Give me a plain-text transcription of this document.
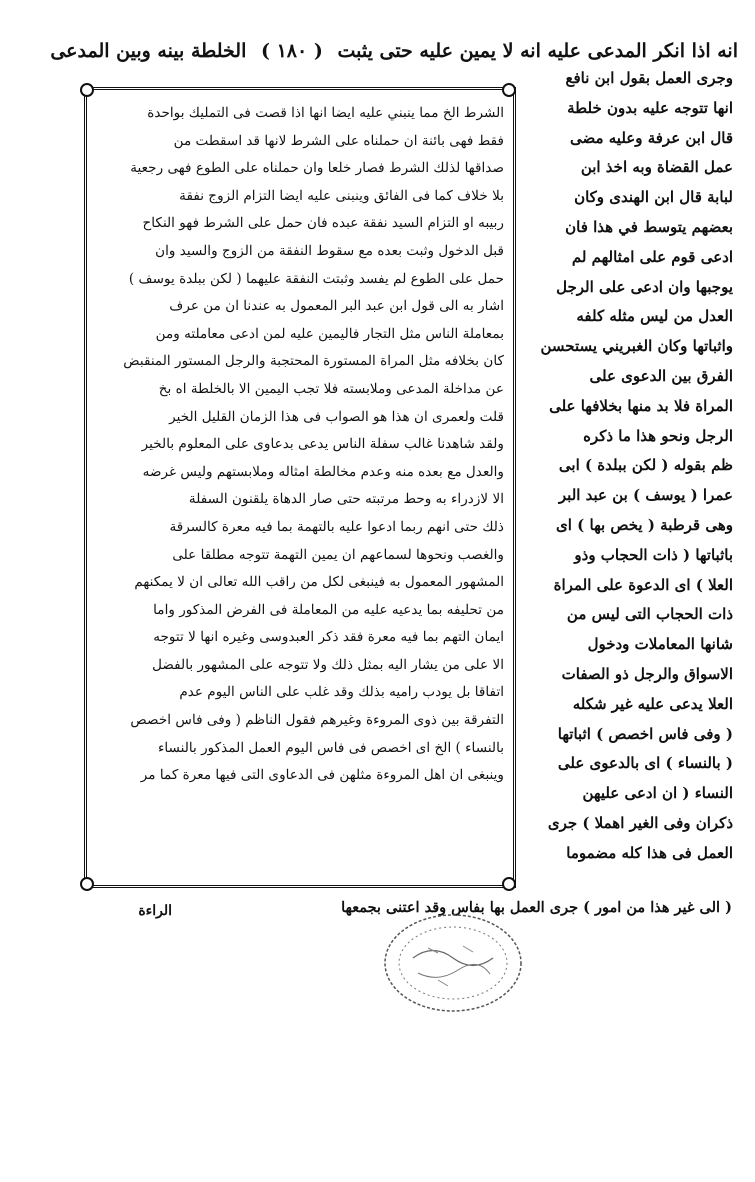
انه اذا انكر المدعى عليه انه لا يمين عليه حتى يثبت ( ١٨٠ ) الخلطة بينه وبين المدعى
وجرى العمل بقول ابن نافع
انها تتوجه عليه بدون خلطة
قال ابن عرفة وعليه مضى
عمل القضاة وبه اخذ ابن
لبابة قال ابن الهندى وكان
بعضهم يتوسط في هذا فان
ادعى قوم على امثالهم لم
يوجبها وان ادعى على الرجل
العدل من ليس مثله كلفه
واثباتها وكان الغبريني يستحسن
الفرق بين الدعوى على
المراة فلا بد منها بخلافها على
الرجل ونحو هذا ما ذكره
ظم بقوله ( لكن ببلدة ) ابى
عمرا ( يوسف ) بن عبد البر
وهى قرطبة ( يخص بها ) اى
باثباتها ( ذات الحجاب وذو
العلا ) اى الدعوة على المراة
ذات الحجاب التى ليس من
شانها المعاملات ودخول
الاسواق والرجل ذو الصفات
العلا يدعى عليه غير شكله
( وفى فاس اخصص ) اثباتها
( بالنساء ) اى بالدعوى على
النساء ( ان ادعى عليهن
ذكران وفى الغير اهملا ) جرى
العمل فى هذا كله مضموما
الشرط الخ مما ينبني عليه ايضا انها اذا قصت فى التمليك بواحدة
فقط فهى بائنة ان حملناه على الشرط لانها قد اسقطت من
صداقها لذلك الشرط فصار خلعا وان حملناه على الطوع فهى رجعية
بلا خلاف كما فى الفائق وينبنى عليه ايضا التزام الزوج نفقة
ربيبه او التزام السيد نفقة عبده فان حمل على الشرط فهو النكاح
قبل الدخول وثبت بعده مع سقوط النفقة من الزوج والسيد وان
حمل على الطوع لم يفسد وثبتت النفقة عليهما ( لكن ببلدة يوسف )
اشار به الى قول ابن عبد البر المعمول به عندنا ان من عرف
بمعاملة الناس مثل التجار فاليمين عليه لمن ادعى معاملته ومن
كان بخلافه مثل المراة المستورة المحتجبة والرجل المستور المنقبض
عن مداخلة المدعى وملابسته فلا تجب اليمين الا بالخلطة اه بخ
قلت ولعمرى ان هذا هو الصواب فى هذا الزمان القليل الخير
ولقد شاهدنا غالب سفلة الناس يدعى بدعاوى على المعلوم بالخير
والعدل مع بعده منه وعدم مخالطة امثاله وملابستهم وليس غرضه
الا لازدراء به وحط مرتبته حتى صار الدهاة يلقنون السفلة
ذلك حتى انهم ربما ادعوا عليه بالتهمة بما فيه معرة كالسرقة
والغصب ونحوها لسماعهم ان يمين التهمة تتوجه مطلقا على
المشهور المعمول به فينبغى لكل من راقب الله تعالى ان لا يمكنهم
من تحليفه بما يدعيه عليه من المعاملة فى الفرض المذكور واما
ايمان التهم بما فيه معرة فقد ذكر العبدوسى وغيره انها لا تتوجه
الا على من يشار اليه بمثل ذلك ولا تتوجه على المشهور بالفضل
اتفاقا بل يودب راميه بذلك وقد غلب على الناس اليوم عدم
التفرقة بين ذوى المروءة وغيرهم فقول الناظم ( وفى فاس اخصص
بالنساء ) الخ اى اخصص فى فاس اليوم العمل المذكور بالنساء
وينبغى ان اهل المروءة مثلهن فى الدعاوى التى فيها معرة كما مر
( الى غير هذا من امور ) جرى العمل بها بفاس وقد اعتنى بجمعها
الراءة
